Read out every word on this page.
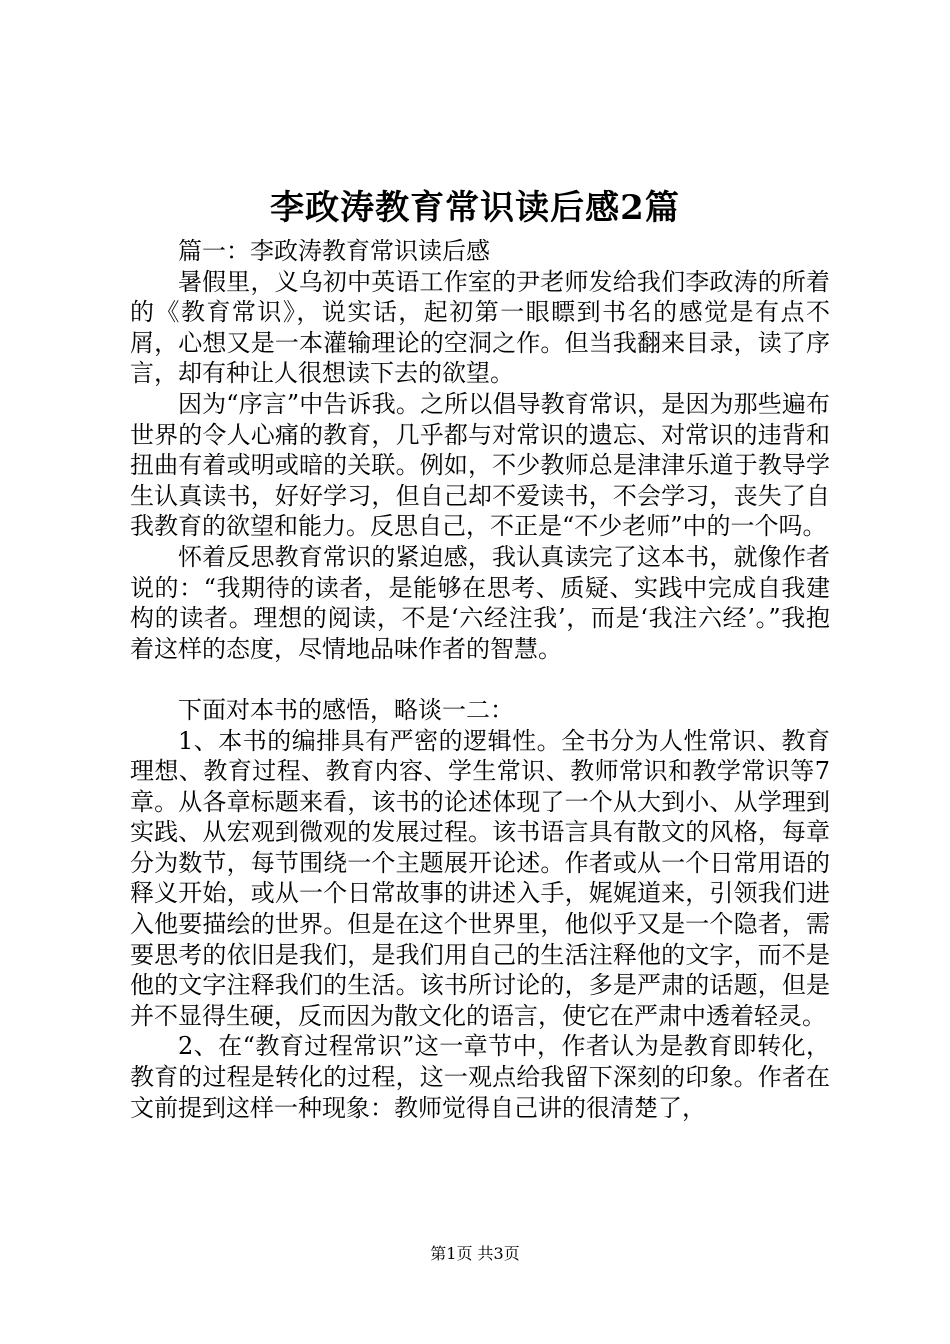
李政涛教育常识读后感2篇

篇一：李政涛教育常识读后感

暑假里，义乌初中英语工作室的尹老师发给我们李政涛的所着的《教育常识》，说实话，起初第一眼瞟到书名的感觉是有点不屑，心想又是一本灌输理论的空洞之作。但当我翻来目录，读了序言，却有种让人很想读下去的欲望。

因为“序言”中告诉我。之所以倡导教育常识，是因为那些遍布世界的令人心痛的教育，几乎都与对常识的遗忘、对常识的违背和扭曲有着或明或暗的关联。例如，不少教师总是津津乐道于教导学生认真读书，好好学习，但自己却不爱读书，不会学习，丧失了自我教育的欲望和能力。反思自己，不正是“不少老师”中的一个吗。

怀着反思教育常识的紧迫感，我认真读完了这本书，就像作者说的：“我期待的读者，是能够在思考、质疑、实践中完成自我建构的读者。理想的阅读，不是‘六经注我’，而是‘我注六经’。”我抱着这样的态度，尽情地品味作者的智慧。

下面对本书的感悟，略谈一二：

1、本书的编排具有严密的逻辑性。全书分为人性常识、教育理想、教育过程、教育内容、学生常识、教师常识和教学常识等7章。从各章标题来看，该书的论述体现了一个从大到小、从学理到实践、从宏观到微观的发展过程。该书语言具有散文的风格，每章分为数节，每节围绕一个主题展开论述。作者或从一个日常用语的释义开始，或从一个日常故事的讲述入手，娓娓道来，引领我们进入他要描绘的世界。但是在这个世界里，他似乎又是一个隐者，需要思考的依旧是我们，是我们用自己的生活注释他的文字，而不是他的文字注释我们的生活。该书所讨论的，多是严肃的话题，但是并不显得生硬，反而因为散文化的语言，使它在严肃中透着轻灵。

2、在“教育过程常识”这一章节中，作者认为是教育即转化，教育的过程是转化的过程，这一观点给我留下深刻的印象。作者在文前提到这样一种现象：教师觉得自己讲的很清楚了，

第1页 共3页
